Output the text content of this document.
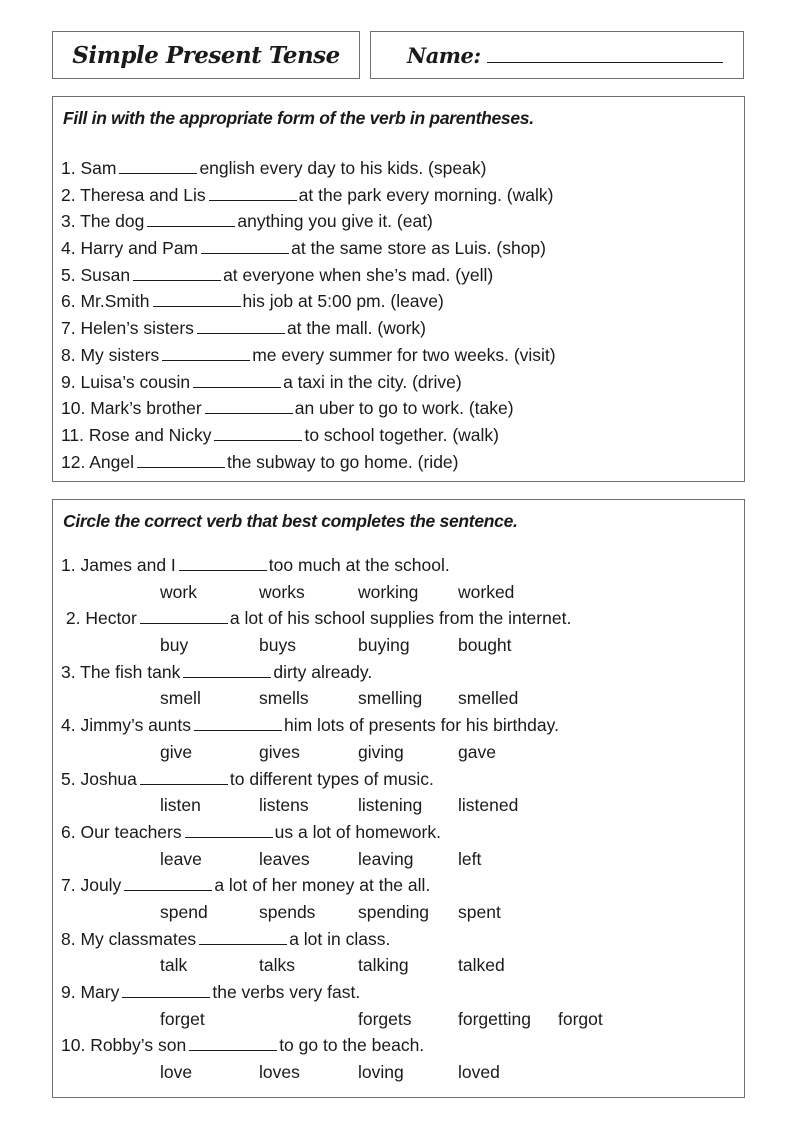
Simple Present Tense	Name:
Fill in with the appropriate form of the verb in parentheses.
1. Sam	english every day to his kids. (speak)
2. Theresa and Lis	at the park every morning. (walk)
3. The dog	anything you give it. (eat)
4. Harry and Pam	at the same store as Luis. (shop)
5. Susan	at everyone when she’s mad. (yell)
6. Mr.Smith	his job at 5:00 pm. (leave)
7. Helen’s sisters	at the mall. (work)
8. My sisters	me every summer for two weeks. (visit)
9. Luisa’s cousin	a taxi in the city. (drive)
10. Mark’s brother	an uber to go to work. (take)
11. Rose and Nicky	to school together. (walk)
12. Angel	the subway to go home. (ride)
Circle the correct verb that best completes the sentence.
1. James and I	too much at the school.
work	works	working worked
2. Hector	a lot of his school supplies from the internet.
buy	buys	buying	bought
3. The fish tank	dirty already.
smell	smells	smelling smelled
4. Jimmy’s aunts	him lots of presents for his birthday.
give	gives	giving	gave
5. Joshua	to different types of music.
listen	listens	listening listened
6. Our teachers	us a lot of homework.
leave	leaves	leaving	left
7. Jouly	a lot of her money at the all.
spend	spends spending spent
8. My classmates	a lot in class.
talk	talks	talking	talked
9. Mary	the verbs very fast.
forget	forgets	forgetting forgot
10. Robby’s son	to go to the beach.
love	loves	loving	loved
